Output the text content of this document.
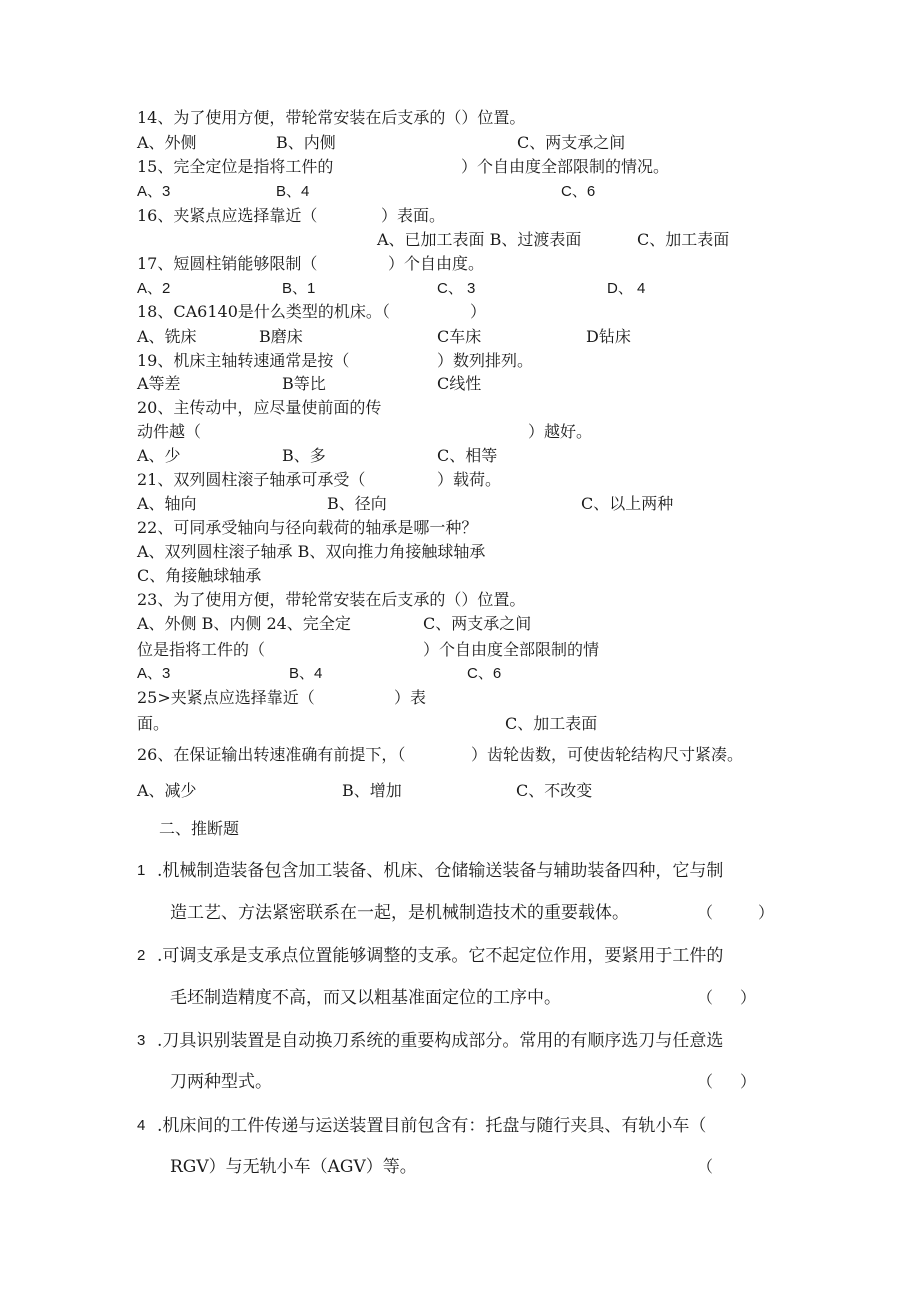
14、为了使用方便，带轮常安装在后支承的（）位置。
A、外侧	B、内侧	C、两支承之间
15、完全定位是指将工件的	）个自由度全部限制的情况。
A、3	B、4	C、6
16、夹紧点应选择靠近（	）表面。
A、已加工表面 B、过渡表面	C、加工表面
17、短圆柱销能够限制（	）个自由度。
A、2	B、1	C、 3	D、 4
18、CA6140是什么类型的机床。（	）
A、铣床	B磨床	C车床	D钻床
19、机床主轴转速通常是按（	）数列排列。
A等差	B等比	C线性
20、主传动中，应尽量使前面的传
动件越（	）越好。
A、少	B、多	C、相等
21、双列圆柱滚子轴承可承受（	）载荷。
A、轴向	B、径向	C、以上两种
22、可同承受轴向与径向载荷的轴承是哪一种？
A、双列圆柱滚子轴承 B、双向推力角接触球轴承
C、角接触球轴承
23、为了使用方便，带轮常安装在后支承的（）位置。
A、外侧 B、内侧 24、完全定	C、两支承之间
位是指将工件的（	）个自由度全部限制的情
A、3	B、4	C、6
25>夹紧点应选择靠近（	）表
面。	C、加工表面
26、在保证输出转速准确有前提下，（	）齿轮齿数，可使齿轮结构尺寸紧凑。
A、减少	B、增加	C、不改变
二、推断题
1 .机械制造装备包含加工装备、机床、仓储输送装备与辅助装备四种，它与制
造工艺、方法紧密联系在一起，是机械制造技术的重要载体。	（	）
2 .可调支承是支承点位置能够调整的支承。它不起定位作用，要紧用于工件的
毛坯制造精度不高，而又以粗基准面定位的工序中。	（ ）
3 .刀具识别装置是自动换刀系统的重要构成部分。常用的有顺序选刀与任意选
刀两种型式。	（ ）
4 .机床间的工件传递与运送装置目前包含有：托盘与随行夹具、有轨小车（
RGV）与无轨小车（AGV）等。	（
